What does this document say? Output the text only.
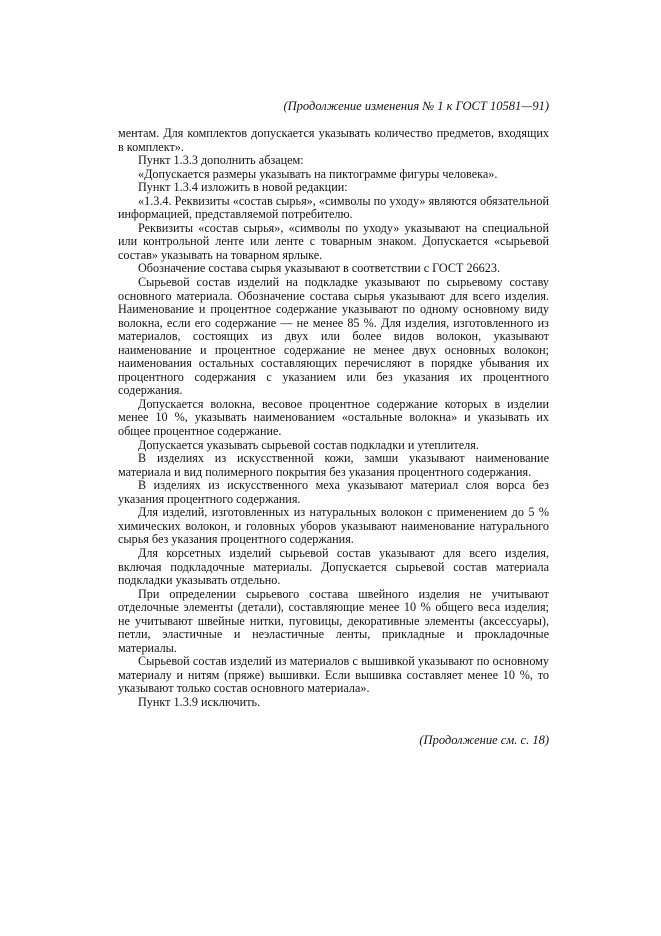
(Продолжение изменения № 1 к ГОСТ 10581—91)

ментам. Для комплектов допускается указывать количество предметов, входящих в комплект».

Пункт 1.3.3 дополнить абзацем:

«Допускается размеры указывать на пиктограмме фигуры человека».

Пункт 1.3.4 изложить в новой редакции:

«1.3.4. Реквизиты «состав сырья», «символы по уходу» являются обязательной информацией, представляемой потребителю.

Реквизиты «состав сырья», «символы по уходу» указывают на специальной или контрольной ленте или ленте с товарным знаком. Допускается «сырьевой состав» указывать на товарном ярлыке.

Обозначение состава сырья указывают в соответствии с ГОСТ 26623.

Сырьевой состав изделий на подкладке указывают по сырьевому составу основного материала. Обозначение состава сырья указывают для всего изделия. Наименование и процентное содержание указывают по одному основному виду волокна, если его содержание — не менее 85 %. Для изделия, изготовленного из материалов, состоящих из двух или более видов волокон, указывают наименование и процентное содержание не менее двух основных волокон; наименования остальных составляющих перечисляют в порядке убывания их процентного содержания с указанием или без указания их процентного содержания.

Допускается волокна, весовое процентное содержание которых в изделии менее 10 %, указывать наименованием «остальные волокна» и указывать их общее процентное содержание.

Допускается указывать сырьевой состав подкладки и утеплителя.

В изделиях из искусственной кожи, замши указывают наименование материала и вид полимерного покрытия без указания процентного содержания.

В изделиях из искусственного меха указывают материал слоя ворса без указания процентного содержания.

Для изделий, изготовленных из натуральных волокон с применением до 5 % химических волокон, и головных уборов указывают наименование натурального сырья без указания процентного содержания.

Для корсетных изделий сырьевой состав указывают для всего изделия, включая подкладочные материалы. Допускается сырьевой состав материала подкладки указывать отдельно.

При определении сырьевого состава швейного изделия не учитывают отделочные элементы (детали), составляющие менее 10 % общего веса изделия; не учитывают швейные нитки, пуговицы, декоративные элементы (аксессуары), петли, эластичные и неэластичные ленты, прикладные и прокладочные материалы.

Сырьевой состав изделий из материалов с вышивкой указывают по основному материалу и нитям (пряже) вышивки. Если вышивка составляет менее 10 %, то указывают только состав основного материала».

Пункт 1.3.9 исключить.

(Продолжение см. с. 18)
